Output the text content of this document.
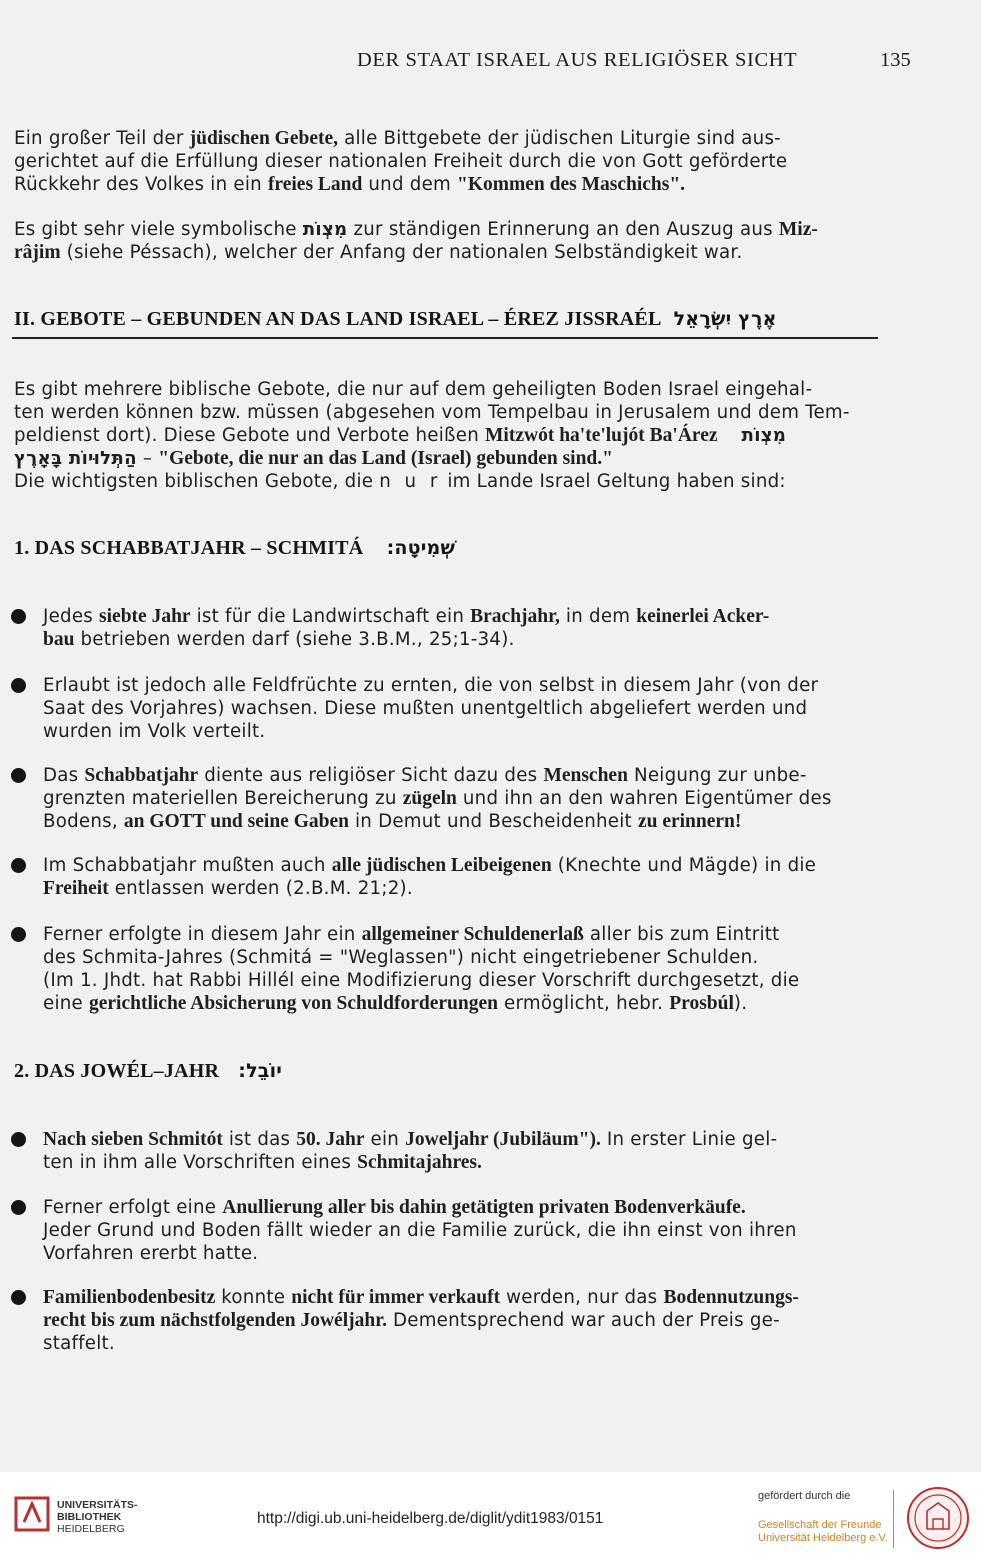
DER STAAT ISRAEL AUS RELIGIÖSER SICHT	135
Ein großer Teil der jüdischen Gebete, alle Bittgebete der jüdischen Liturgie sind aus-
gerichtet auf die Erfüllung dieser nationalen Freiheit durch die von Gott geförderte
Rückkehr des Volkes in ein freies Land und dem "Kommen des Maschichs".
Es gibt sehr viele symbolische מִצְוֹת zur ständigen Erinnerung an den Auszug aus Miz-
râjim (siehe Péssach), welcher der Anfang der nationalen Selbständigkeit war.
II. GEBOTE – GEBUNDEN AN DAS LAND ISRAEL – ÉREZ JISSRAÉL אֶרֶץ יִשְׂרָאֵל
Es gibt mehrere biblische Gebote, die nur auf dem geheiligten Boden Israel eingehal-
ten werden können bzw. müssen (abgesehen vom Tempelbau in Jerusalem und dem Tem-
peldienst dort). Diese Gebote und Verbote heißen Mitzwót ha'te'lujót Ba'Árez מִצְוֹת
הַתְּלוּיוֹת בָּאָרֶץ – "Gebote, die nur an das Land (Israel) gebunden sind."
Die wichtigsten biblischen Gebote, die n u r im Lande Israel Geltung haben sind:
1. DAS SCHABBATJAHR – SCHMITÁ שְׁמִיטָה:
Jedes siebte Jahr ist für die Landwirtschaft ein Brachjahr, in dem keinerlei Acker-
bau betrieben werden darf (siehe 3.B.M., 25;1-34).
Erlaubt ist jedoch alle Feldfrüchte zu ernten, die von selbst in diesem Jahr (von der
Saat des Vorjahres) wachsen. Diese mußten unentgeltlich abgeliefert werden und
wurden im Volk verteilt.
Das Schabbatjahr diente aus religiöser Sicht dazu des Menschen Neigung zur unbe-
grenzten materiellen Bereicherung zu zügeln und ihn an den wahren Eigentümer des
Bodens, an GOTT und seine Gaben in Demut und Bescheidenheit zu erinnern!
Im Schabbatjahr mußten auch alle jüdischen Leibeigenen (Knechte und Mägde) in die
Freiheit entlassen werden (2.B.M. 21;2).
Ferner erfolgte in diesem Jahr ein allgemeiner Schuldenerlaß aller bis zum Eintritt
des Schmita-Jahres (Schmitá = "Weglassen") nicht eingetriebener Schulden.
(Im 1. Jhdt. hat Rabbi Hillél eine Modifizierung dieser Vorschrift durchgesetzt, die
eine gerichtliche Absicherung von Schuldforderungen ermöglicht, hebr. Prosbúl).
2. DAS JOWÉL–JAHR יוֹבֵל:
Nach sieben Schmitót ist das 50. Jahr ein Joweljahr (Jubiläum"). In erster Linie gel-
ten in ihm alle Vorschriften eines Schmitajahres.
Ferner erfolgt eine Anullierung aller bis dahin getätigten privaten Bodenverkäufe.
Jeder Grund und Boden fällt wieder an die Familie zurück, die ihn einst von ihren
Vorfahren ererbt hatte.
Familienbodenbesitz konnte nicht für immer verkauft werden, nur das Bodennutzungs-
recht bis zum nächstfolgenden Jowéljahr. Dementsprechend war auch der Preis ge-
staffelt.
UNIVERSITÄTS-
BIBLIOTHEK
HEIDELBERG
http://digi.ub.uni-heidelberg.de/diglit/ydit1983/0151
gefördert durch die
Gesellschaft der Freunde
Universität Heidelberg e.V.
